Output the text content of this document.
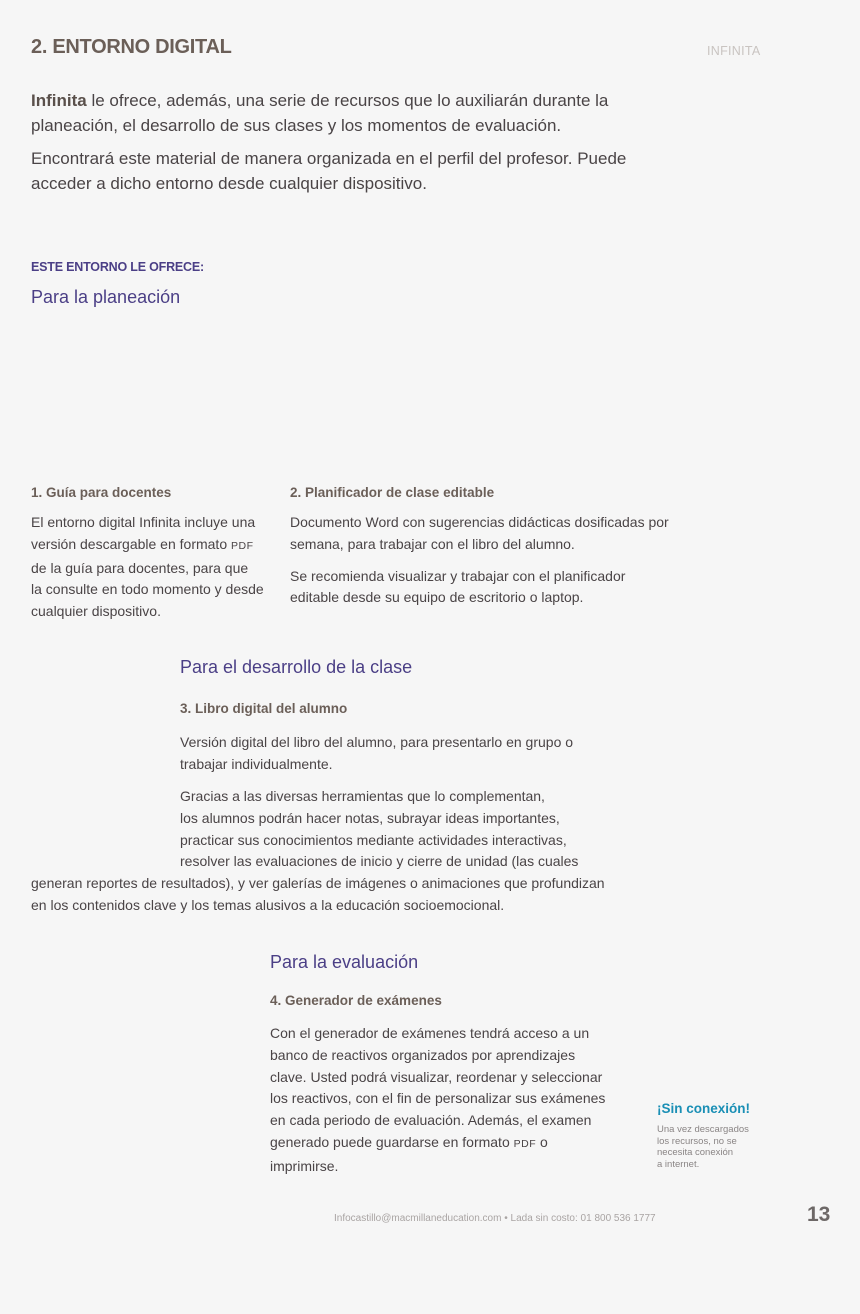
2. ENTORNO DIGITAL	INFINITA

Infinita le ofrece, además, una serie de recursos que lo auxiliarán durante la planeación, el desarrollo de sus clases y los momentos de evaluación.

Encontrará este material de manera organizada en el perfil del profesor. Puede acceder a dicho entorno desde cualquier dispositivo.

ESTE ENTORNO LE OFRECE:
Para la planeación
1. Guía para docentes
El entorno digital Infinita incluye una
versión descargable en formato PDF
de la guía para docentes, para que
la consulte en todo momento y desde
cualquier dispositivo.
2. Planificador de clase editable

Documento Word con sugerencias didácticas dosificadas por semana, para trabajar con el libro del alumno.

Se recomienda visualizar y trabajar con el planificador editable desde su equipo de escritorio o laptop.

Para el desarrollo de la clase
3. Libro digital del alumno
Versión digital del libro del alumno, para presentarlo en grupo o trabajar individualmente.
Gracias a las diversas herramientas que lo complementan,
los alumnos podrán hacer notas, subrayar ideas importantes,
practicar sus conocimientos mediante actividades interactivas,
resolver las evaluaciones de inicio y cierre de unidad (las cuales
generan reportes de resultados), y ver galerías de imágenes o animaciones que profundizan
en los contenidos clave y los temas alusivos a la educación socioemocional.
Para la evaluación
4. Generador de exámenes
Con el generador de exámenes tendrá acceso a un banco de reactivos organizados por aprendizajes clave. Usted podrá visualizar, reordenar y seleccionar los reactivos, con el fin de personalizar sus exámenes en cada periodo de evaluación. Además, el examen generado puede guardarse en formato PDF o imprimirse.
¡Sin conexión!
Una vez descargados
los recursos, no se
necesita conexión
a internet.
Infocastillo@macmillaneducation.com • Lada sin costo: 01 800 536 1777	13
